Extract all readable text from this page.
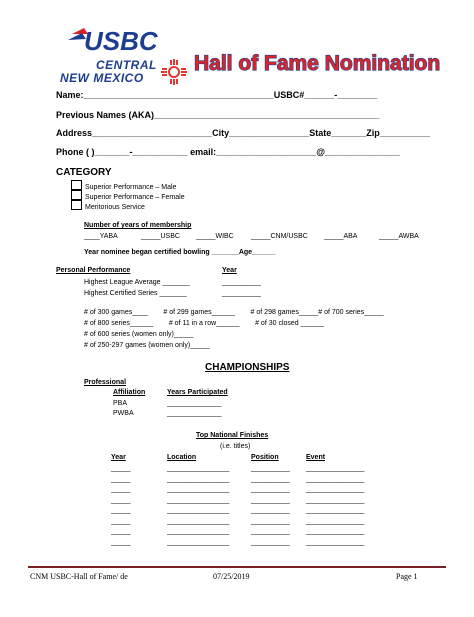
USBC
CENTRAL
NEW MEXICO
Hall of Fame Nomination
Name:______________________________________USBC#______-________
Previous Names (AKA)_____________________________________________
Address________________________City________________State_______Zip__________
Phone ( )_______-___________ email:____________________@_______________
CATEGORY
Superior Performance – Male
Superior Performance – Female
Meritorious Service
Number of years of membership
____YABA	_____USBC _____WIBC _____CNM/USBC _____ABA	_____AWBA
Year nominee began certified bowling _______Age______
Personal Performance	Year
Highest League Average _______	__________
Highest Certified Series _______	__________
# of 300 games____        # of 299 games______        # of 298 games_____# of 700 series_____
# of 800 series______        # of 11 in a row______        # of 30 closed ______
# of 600 series (women only)_____
# of 250-297 games (women only)_____
CHAMPIONSHIPS
Professional
Affiliation	Years Participated
PBA	______________
PWBA	______________
Top National Finishes
(i.e. titles)
Year	Location	Position	Event
_____	________________	__________ _______________
_____	________________	__________ _______________
_____	________________	__________ _______________
_____	________________	__________ _______________
_____	________________	__________ _______________
_____	________________	__________ _______________
_____	________________	__________ _______________
_____	________________	__________ _______________
CNM USBC-Hall of Fame/ de	07/25/2019	Page 1
